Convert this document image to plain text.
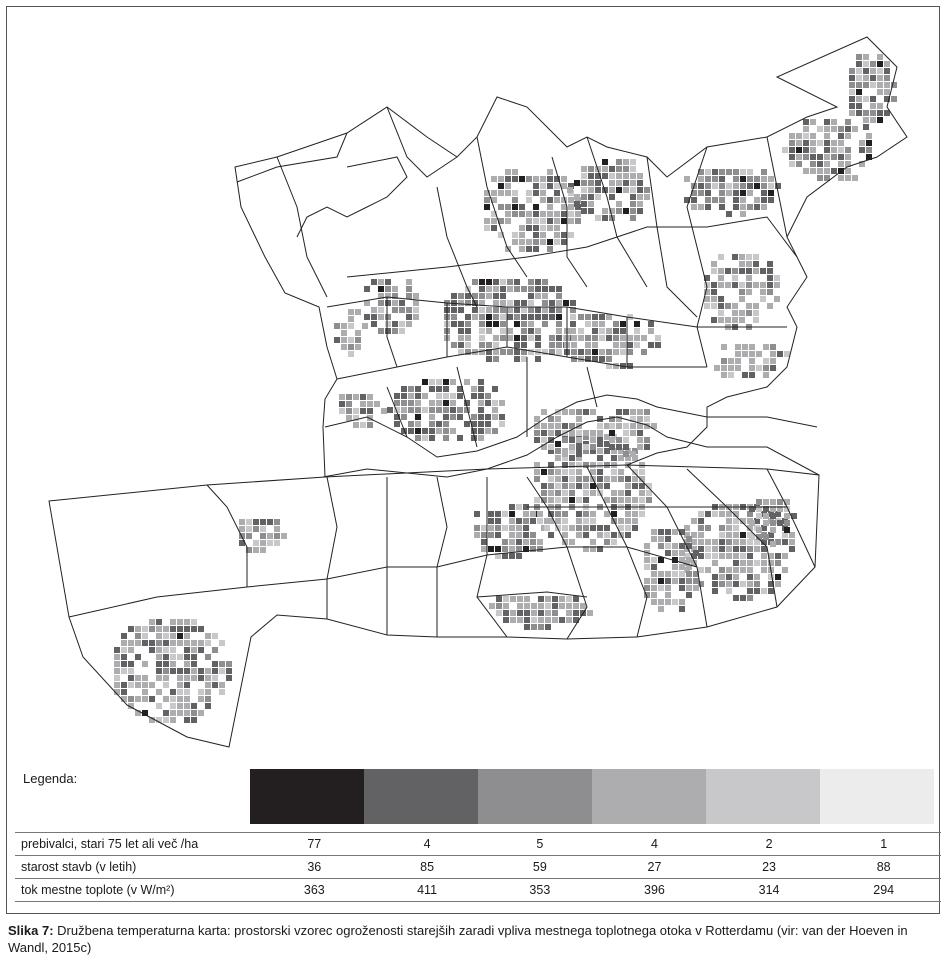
Legenda:
prebivalci, stari 75 let ali več /ha	77	4	5	4	2	1
starost stavb (v letih)	36	85	59	27	23	88
tok mestne toplote (v W/m²)	363	411	353	396	314	294
Slika 7: Družbena temperaturna karta: prostorski vzorec ogroženosti starejših zaradi vpliva mestnega toplotnega otoka v Rotterdamu (vir: van der Hoeven in Wandl, 2015c)
